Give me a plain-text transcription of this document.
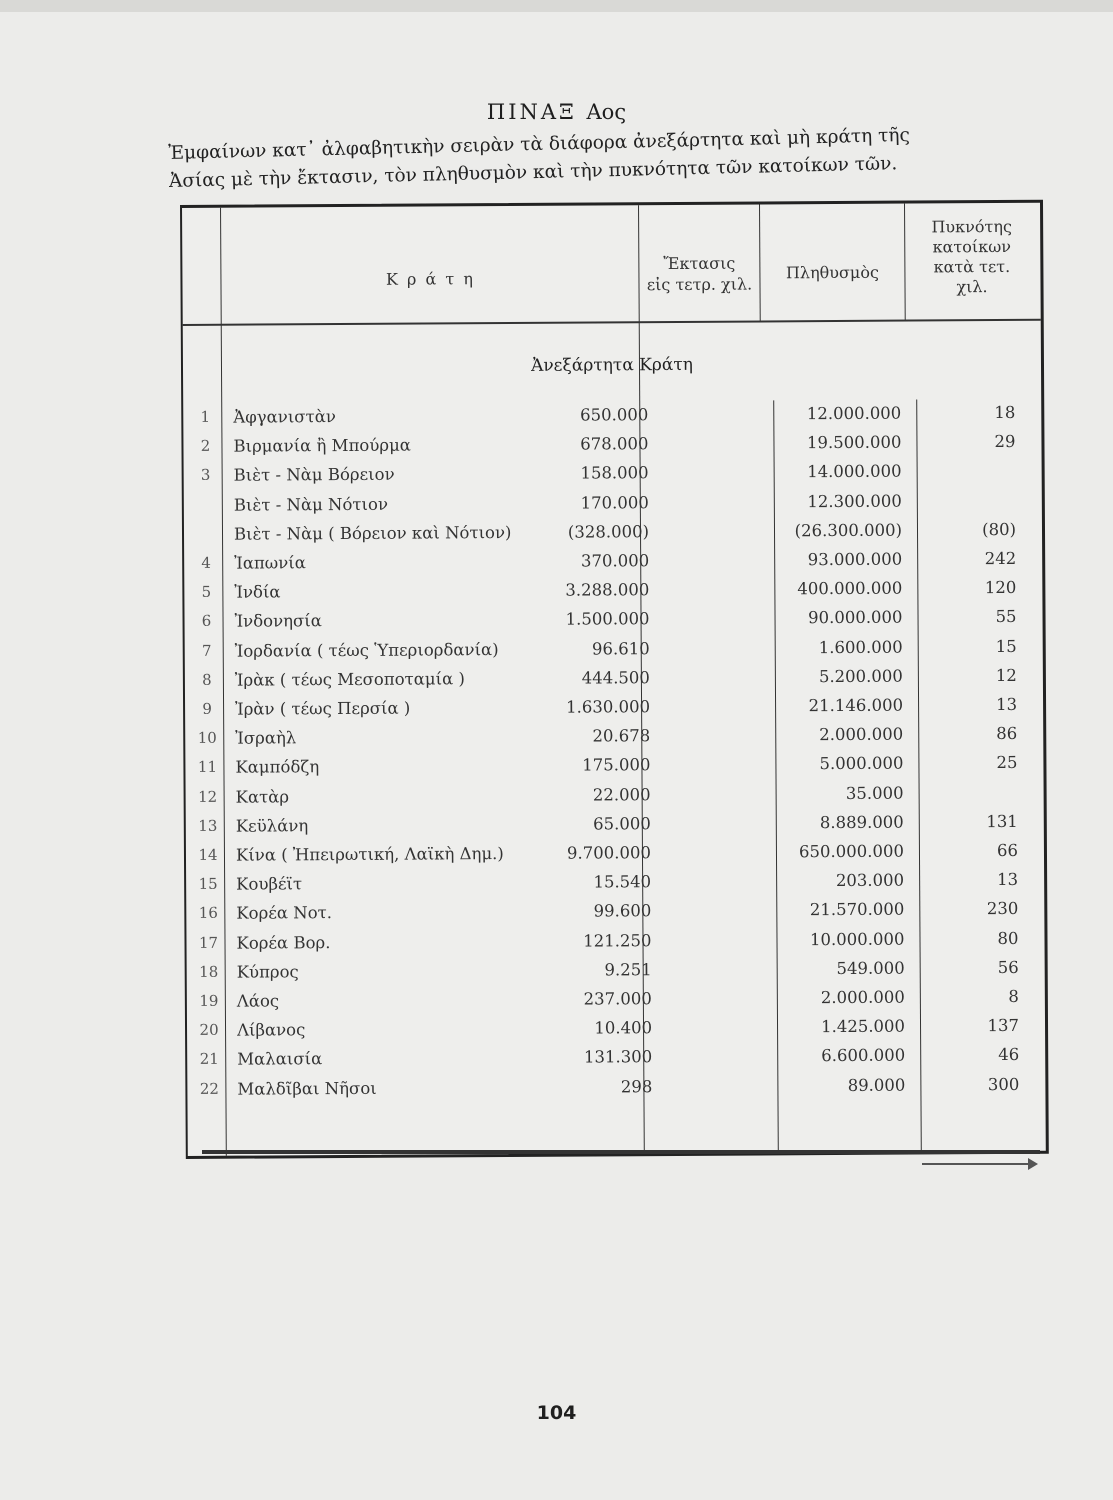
ΠΙΝΑΞ Αος
Ἐμφαίνων κατ᾽ ἀλφαβητικὴν σειρὰν τὰ διάφορα ἀνεξάρτητα καὶ μὴ κράτη τῆς
Ἀσίας μὲ τὴν ἔκτασιν, τὸν πληθυσμὸν καὶ τὴν πυκνότητα τῶν κατοίκων τῶν.
Κ ρ ά τ η
Ἔκτασις
εἰς τετρ. χιλ.
Πληθυσμὸς
Πυκνότης
κατοίκων
κατὰ τετ.
χιλ.
Ἀνεξάρτητα Κράτη
1	Ἀφγανιστὰν	650.000	12.000.000	18
2	Βιρμανία ἢ Μπούρμα	678.000	19.500.000	29
3	Βιὲτ - Νὰμ Βόρειον	158.000	14.000.000
Βιὲτ - Νὰμ Νότιον	170.000	12.300.000
Βιὲτ - Νὰμ ( Βόρειον καὶ Νότιον)	(328.000)	(26.300.000)	(80)
4	Ἰαπωνία	370.000	93.000.000	242
5	Ἰνδία	3.288.000	400.000.000	120
6	Ἰνδονησία	1.500.000	90.000.000	55
7	Ἰορδανία ( τέως Ὑπεριορδανία)	96.610	1.600.000	15
8	Ἰρὰκ ( τέως Μεσοποταμία )	444.500	5.200.000	12
9	Ἰρὰν ( τέως Περσία )	1.630.000	21.146.000	13
10	Ἰσραὴλ	20.678	2.000.000	86
11	Καμπόδζη	175.000	5.000.000	25
12	Κατὰρ	22.000	35.000
13	Κεϋλάνη	65.000	8.889.000	131
14	Κίνα ( Ἠπειρωτική, Λαϊκὴ Δημ.)	9.700.000	650.000.000	66
15	Κουβέϊτ	15.540	203.000	13
16	Κορέα Νοτ.	99.600	21.570.000	230
17	Κορέα Βορ.	121.250	10.000.000	80
18	Κύπρος	9.251	549.000	56
19	Λάος	237.000	2.000.000	8
20	Λίβανος	10.400	1.425.000	137
21	Μαλαισία	131.300	6.600.000	46
22	Μαλδῖβαι Νῆσοι	298	89.000	300
104
